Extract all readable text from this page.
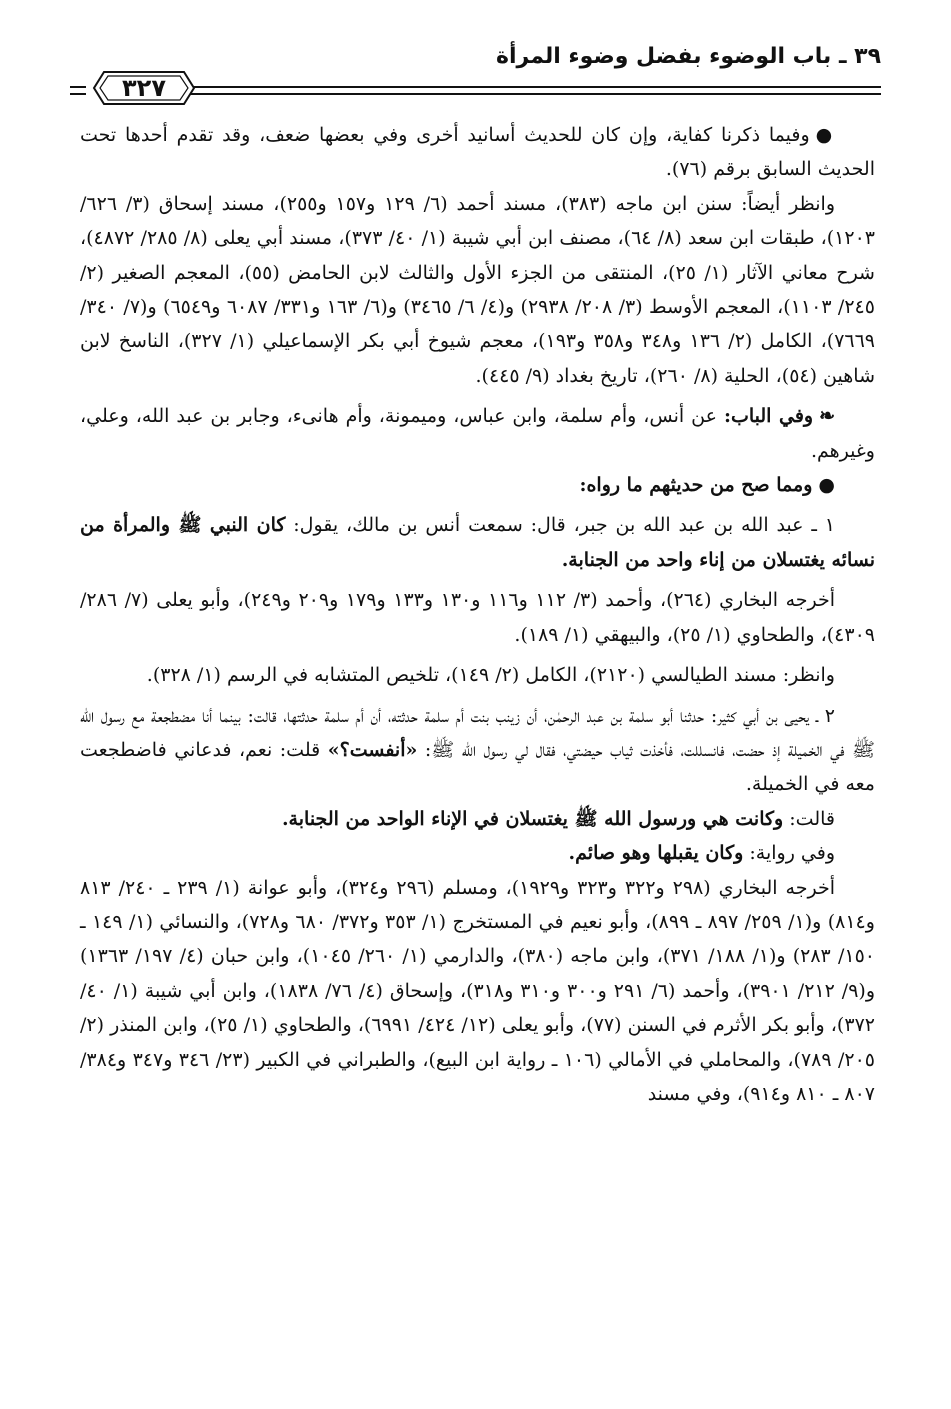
٣٩ ـ باب الوضوء بفضل وضوء المرأة
٣٢٧

●وفيما ذكرنا كفاية، وإن كان للحديث أسانيد أخرى وفي بعضها ضعف، وقد تقدم أحدها تحت الحديث السابق برقم (٧٦).

وانظر أيضاً: سنن ابن ماجه (٣٨٣)، مسند أحمد (٦/ ١٢٩ و١٥٧ و٢٥٥)، مسند إسحاق (٣/ ٦٢٦/ ١٢٠٣)، طبقات ابن سعد (٨/ ٦٤)، مصنف ابن أبي شيبة (١/ ٤٠/ ٣٧٣)، مسند أبي يعلى (٨/ ٢٨٥/ ٤٨٧٢)، شرح معاني الآثار (١/ ٢٥)، المنتقى من الجزء الأول والثالث لابن الحامض (٥٥)، المعجم الصغير (٢/ ٢٤٥/ ١١٠٣)، المعجم الأوسط (٣/ ٢٠٨/ ٢٩٣٨) و(٤/ ٦/ ٣٤٦٥) و(٦/ ١٦٣ و٣٣١/ ٦٠٨٧ و٦٥٤٩) و(٧/ ٣٤٠/ ٧٦٦٩)، الكامل (٢/ ١٣٦ و٣٤٨ و٣٥٨ و١٩٣)، معجم شيوخ أبي بكر الإسماعيلي (١/ ٣٢٧)، الناسخ لابن شاهين (٥٤)، الحلية (٨/ ٢٦٠)، تاريخ بغداد (٩/ ٤٤٥).

❧وفي الباب: عن أنس، وأم سلمة، وابن عباس، وميمونة، وأم هانىء، وجابر بن عبد الله، وعلي، وغيرهم.

●ومما صح من حديثهم ما رواه:

١ ـ عبد الله بن عبد الله بن جبر، قال: سمعت أنس بن مالك، يقول: كان النبي ﷺ والمرأة من نسائه يغتسلان من إناء واحد من الجنابة.

أخرجه البخاري (٢٦٤)، وأحمد (٣/ ١١٢ و١١٦ و١٣٠ و١٣٣ و١٧٩ و٢٠٩ و٢٤٩)، وأبو يعلى (٧/ ٢٨٦/ ٤٣٠٩)، والطحاوي (١/ ٢٥)، والبيهقي (١/ ١٨٩).

وانظر: مسند الطيالسي (٢١٢٠)، الكامل (٢/ ١٤٩)، تلخيص المتشابه في الرسم (١/ ٣٢٨).

٢ ـ يحيى بن أبي كثير: حدثنا أبو سلمة بن عبد الرحمٰن، أن زينب بنت أم سلمة حدثته، أن أم سلمة حدثتها، قالت: بينما أنا مضطجعة مع رسول الله ﷺ في الخميلة إذ حضت، فانسللت، فأخذت ثياب حيضتي، فقال لي رسول الله ﷺ: «أنفست؟» قلت: نعم، فدعاني فاضطجعت معه في الخميلة.

قالت: وكانت هي ورسول الله ﷺ يغتسلان في الإناء الواحد من الجنابة.

وفي رواية: وكان يقبلها وهو صائم.

أخرجه البخاري (٢٩٨ و٣٢٢ و٣٢٣ و١٩٢٩)، ومسلم (٢٩٦ و٣٢٤)، وأبو عوانة (١/ ٢٣٩ ـ ٢٤٠/ ٨١٣ و٨١٤) و(١/ ٢٥٩/ ٨٩٧ ـ ٨٩٩)، وأبو نعيم في المستخرج (١/ ٣٥٣ و٣٧٢/ ٦٨٠ و٧٢٨)، والنسائي (١/ ١٤٩ ـ ١٥٠/ ٢٨٣) و(١/ ١٨٨/ ٣٧١)، وابن ماجه (٣٨٠)، والدارمي (١/ ٢٦٠/ ١٠٤٥)، وابن حبان (٤/ ١٩٧/ ١٣٦٣) و(٩/ ٢١٢/ ٣٩٠١)، وأحمد (٦/ ٢٩١ و٣٠٠ و٣١٠ و٣١٨)، وإسحاق (٤/ ٧٦/ ١٨٣٨)، وابن أبي شيبة (١/ ٤٠/ ٣٧٢)، وأبو بكر الأثرم في السنن (٧٧)، وأبو يعلى (١٢/ ٤٢٤/ ٦٩٩١)، والطحاوي (١/ ٢٥)، وابن المنذر (٢/ ٢٠٥/ ٧٨٩)، والمحاملي في الأمالي (١٠٦ ـ رواية ابن البيع)، والطبراني في الكبير (٢٣/ ٣٤٦ و٣٤٧ و٣٨٤/ ٨٠٧ ـ ٨١٠ و٩١٤)، وفي مسند
